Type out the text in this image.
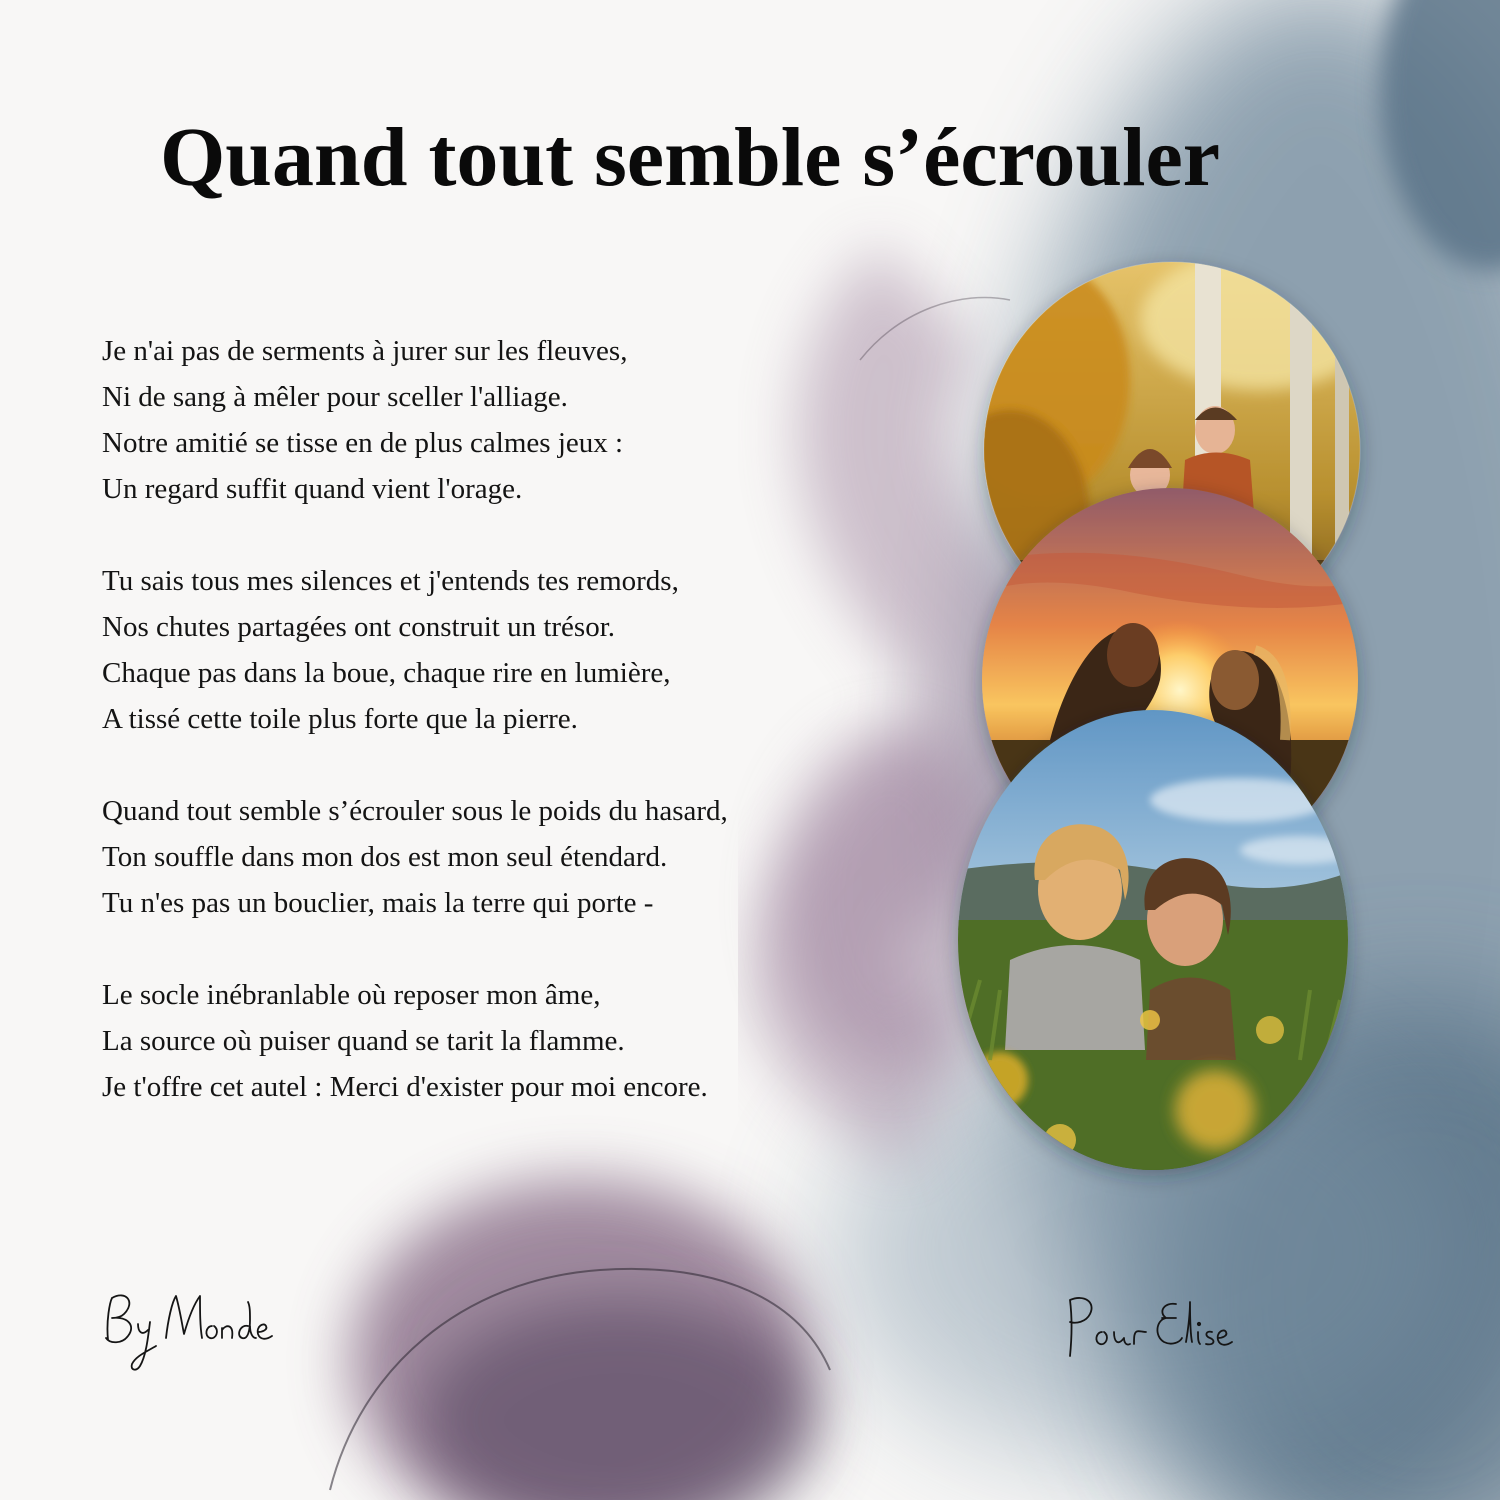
Quand tout semble s’écrouler
Je n'ai pas de serments à jurer sur les fleuves,
Ni de sang à mêler pour sceller l'alliage.
Notre amitié se tisse en de plus calmes jeux :
Un regard suffit quand vient l'orage.
Tu sais tous mes silences et j'entends tes remords,
Nos chutes partagées ont construit un trésor.
Chaque pas dans la boue, chaque rire en lumière,
A tissé cette toile plus forte que la pierre.
Quand tout semble s’écrouler sous le poids du hasard,
Ton souffle dans mon dos est mon seul étendard.
Tu n'es pas un bouclier, mais la terre qui porte -
Le socle inébranlable où reposer mon âme,
La source où puiser quand se tarit la flamme.
Je t'offre cet autel : Merci d'exister pour moi encore.
